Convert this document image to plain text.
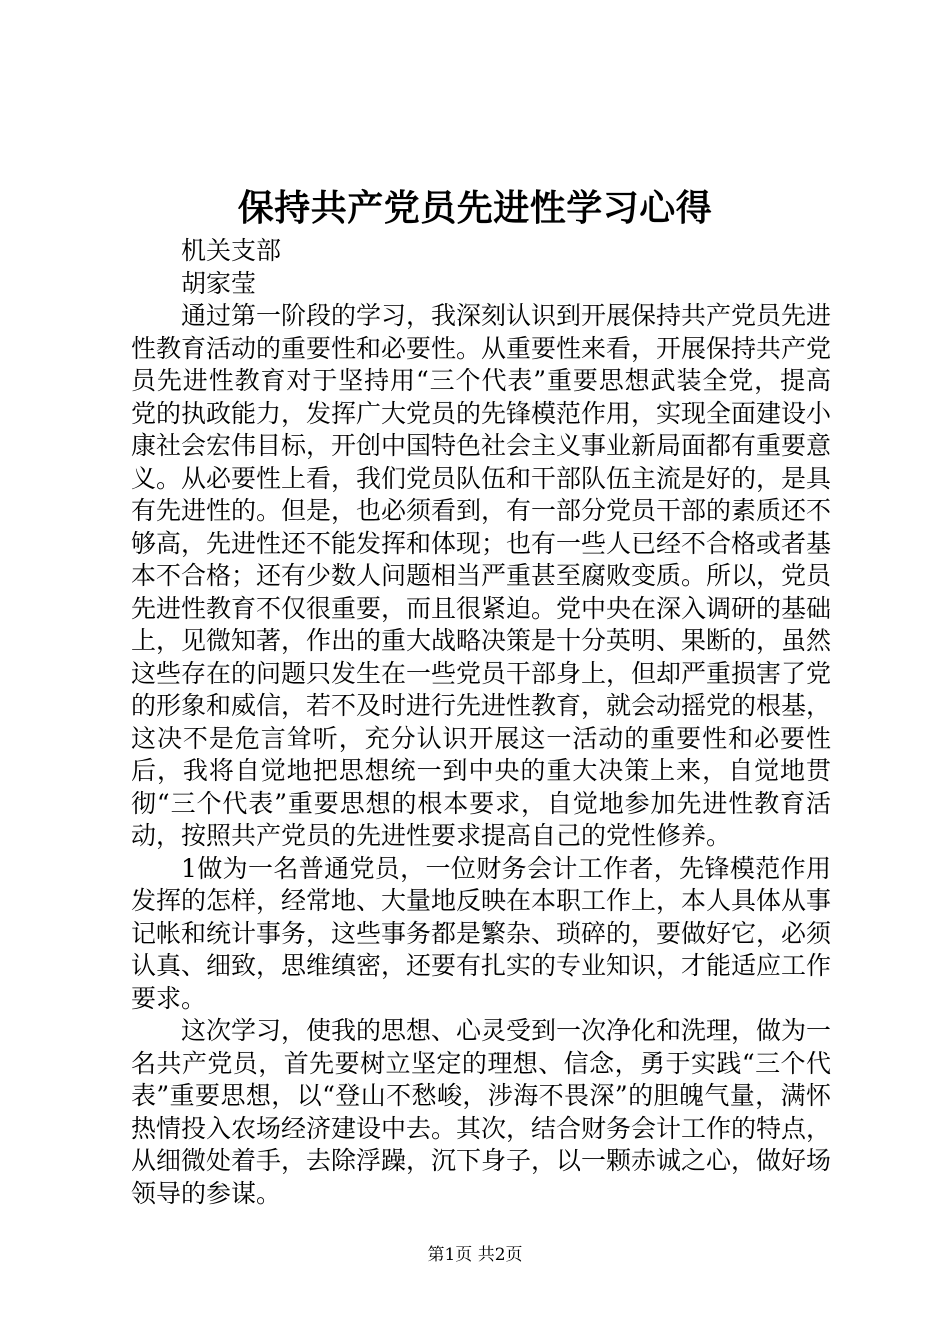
保持共产党员先进性学习心得

机关支部

胡家莹

通过第一阶段的学习，我深刻认识到开展保持共产党员先进性教育活动的重要性和必要性。从重要性来看，开展保持共产党员先进性教育对于坚持用“三个代表”重要思想武装全党，提高党的执政能力，发挥广大党员的先锋模范作用，实现全面建设小康社会宏伟目标，开创中国特色社会主义事业新局面都有重要意义。从必要性上看，我们党员队伍和干部队伍主流是好的，是具有先进性的。但是，也必须看到，有一部分党员干部的素质还不够高，先进性还不能发挥和体现；也有一些人已经不合格或者基本不合格；还有少数人问题相当严重甚至腐败变质。所以，党员先进性教育不仅很重要，而且很紧迫。党中央在深入调研的基础上，见微知著，作出的重大战略决策是十分英明、果断的，虽然这些存在的问题只发生在一些党员干部身上，但却严重损害了党的形象和威信，若不及时进行先进性教育，就会动摇党的根基，这决不是危言耸听，充分认识开展这一活动的重要性和必要性后，我将自觉地把思想统一到中央的重大决策上来，自觉地贯彻“三个代表”重要思想的根本要求，自觉地参加先进性教育活动，按照共产党员的先进性要求提高自己的党性修养。

1做为一名普通党员，一位财务会计工作者，先锋模范作用发挥的怎样，经常地、大量地反映在本职工作上，本人具体从事记帐和统计事务，这些事务都是繁杂、琐碎的，要做好它，必须认真、细致，思维缜密，还要有扎实的专业知识，才能适应工作要求。

这次学习，使我的思想、心灵受到一次净化和洗理，做为一名共产党员，首先要树立坚定的理想、信念，勇于实践“三个代表”重要思想，以“登山不愁峻，涉海不畏深”的胆魄气量，满怀热情投入农场经济建设中去。其次，结合财务会计工作的特点，从细微处着手，去除浮躁，沉下身子，以一颗赤诚之心，做好场领导的参谋。

第1页 共2页
